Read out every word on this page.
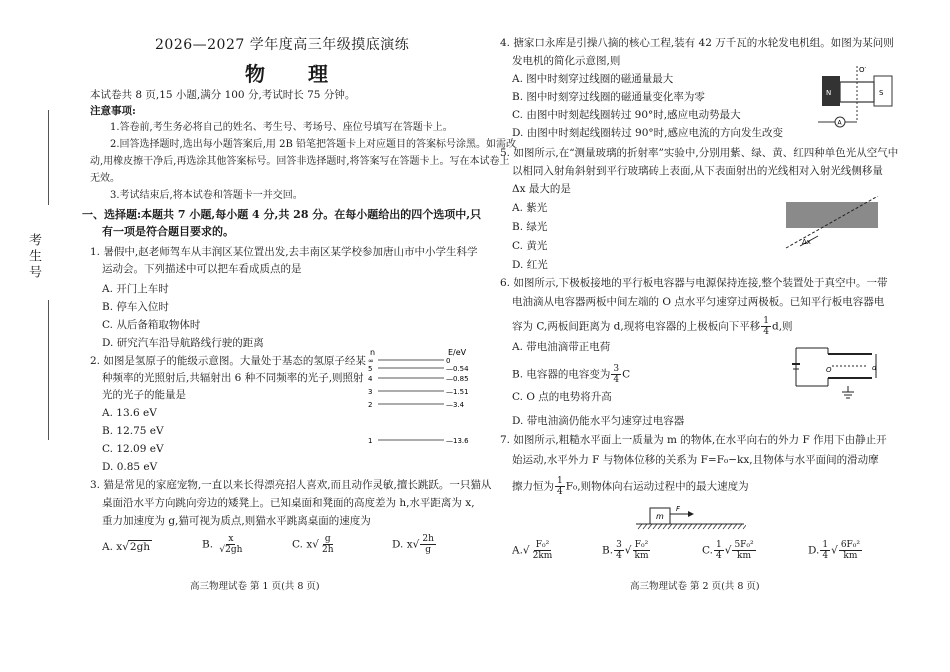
考生号
2026—2027 学年度高三年级摸底演练
物 理
本试卷共 8 页,15 小题,满分 100 分,考试时长 75 分钟。
注意事项:
1.答卷前,考生务必将自己的姓名、考生号、考场号、座位号填写在答题卡上。
2.回答选择题时,选出每小题答案后,用 2B 铅笔把答题卡上对应题目的答案标号涂黑。如需改
动,用橡皮擦干净后,再选涂其他答案标号。回答非选择题时,将答案写在答题卡上。写在本试卷上
无效。
3.考试结束后,将本试卷和答题卡一并交回。
一、选择题:本题共 7 小题,每小题 4 分,共 28 分。在每小题给出的四个选项中,只
有一项是符合题目要求的。
1. 暑假中,赵老师驾车从丰润区某位置出发,去丰南区某学校参加唐山市中小学生科学
运动会。下列描述中可以把车看成质点的是
A. 开门上车时
B. 停车入位时
C. 从后备箱取物体时
D. 研究汽车沿导航路线行驶的距离
2. 如图是氢原子的能级示意图。大量处于基态的氢原子经某
种频率的光照射后,共辐射出 6 种不同频率的光子,则照射
光的光子的能量是
A. 13.6 eV
B. 12.75 eV
C. 12.09 eV
D. 0.85 eV
n	E/eV
∞	0
5	—0.54
4	—0.85
3	—1.51
2	—3.4
1	—13.6
3. 猫是常见的家庭宠物,一直以来长得漂亮招人喜欢,而且动作灵敏,擅长跳跃。一只猫从
桌面沿水平方向跳向旁边的矮凳上。已知桌面和凳面的高度差为 h,水平距离为 x,
重力加速度为 g,猫可视为质点,则猫水平跳离桌面的速度为
A. x√2gh	B. $\frac{x}{√2gh}$	C. $x√ \frac{g}{2h}$	D. $x√ \frac{2h}{g}$
高三物理试卷 第 1 页(共 8 页)
4. 搪家口永库是引操八摘的核心工程,装有 42 万千瓦的水轮发电机组。如图为某问则
发电机的简化示意图,则
A. 图中时刻穿过线圈的磁通量最大
B. 图中时刻穿过线圈的磁通量变化率为零
C. 由图中时刻起线圈转过 90°时,感应电动势最大
D. 由图中时刻起线圈转过 90°时,感应电流的方向发生改变
O′
S
N
A
5. 如图所示,在“测量玻璃的折射率”实验中,分别用紫、绿、黄、红四种单色光从空气中
以相同入射角斜射到平行玻璃砖上表面,从下表面射出的光线相对入射光线侧移量
Δx 最大的是
A. 紫光
B. 绿光
C. 黄光
D. 红光
Δx
6. 如图所示,下极板接地的平行板电容器与电源保持连接,整个装置处于真空中。一带
电油滴从电容器两板中间左端的 O 点水平匀速穿过两极板。已知平行板电容器电
容为 C,两板间距离为 d,现将电容器的上极板向下平移 $\frac{1}{4} d$,则
A. 带电油滴带正电荷
B. 电容器的电容变为 $\frac{3}{4}$ C
C. O 点的电势将升高
D. 带电油滴仍能水平匀速穿过电容器
O	d
7. 如图所示,粗糙水平面上一质量为 m 的物体,在水平向右的外力 F 作用下由静止开
始运动,水平外力 F 与物体位移的关系为 F=F₀−kx,且物体与水平面间的滑动摩
擦力恒为 $\frac{1}{4} F_0$,则物体向右运动过程中的最大速度为
m
F
$A.√ \frac{\text{F₀²}}{2km}$	B. $\frac{3}{4}$ √ $\frac{\text{F₀²}}{km}$	C. $\frac{1}{4}$ √ $\frac{\text{5F₀²}}{km}$	D. $\frac{1}{4}$ √ $\frac{\text{6F₀²}}{km}$
高三物理试卷 第 2 页(共 8 页)
